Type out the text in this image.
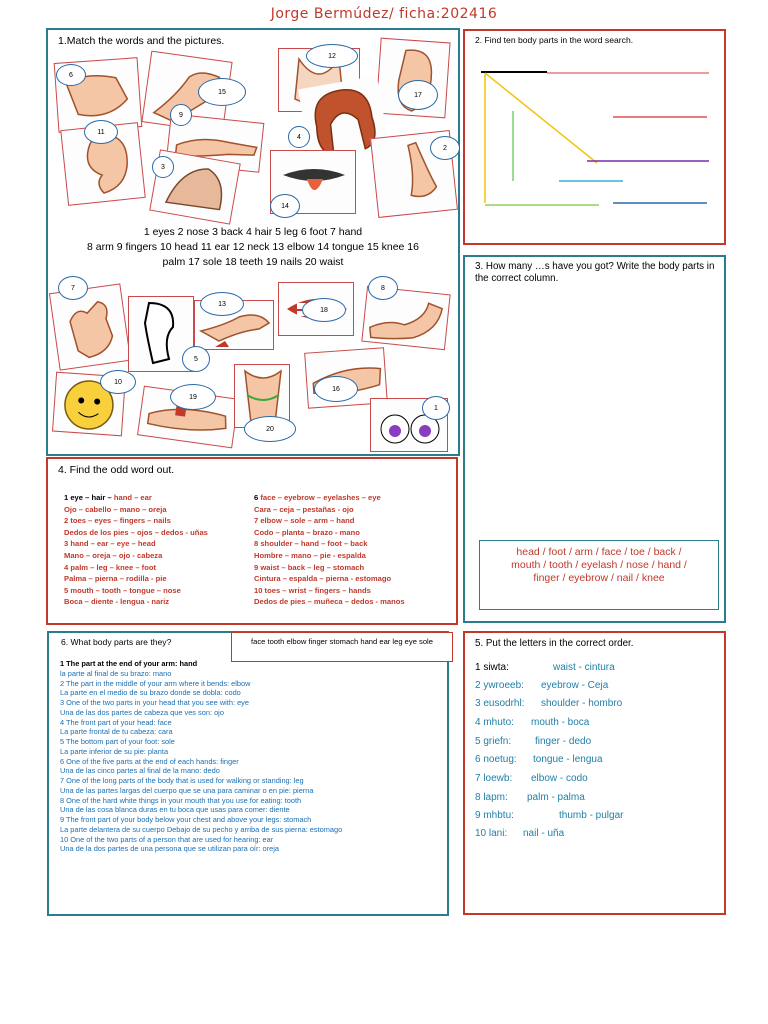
Jorge Bermúdez/ ficha:202416
1.Match the words and the pictures.
6
12
15	17
9
4
2
11
3
14
1 eyes 2 nose 3 back 4 hair 5 leg 6 foot 7 hand
8 arm 9 fingers 10 head 11 ear 12 neck 13 elbow 14 tongue 15 knee 16
palm 17 sole 18 teeth 19 nails 20 waist
7	8
13
18
5
10
19
16
1
20
2. Find ten body parts in the word search.
3. How many …s have you got? Write the body parts in the correct column.
head / foot / arm / face / toe / back /
mouth / tooth / eyelash / nose / hand /
finger / eyebrow / nail / knee
4. Find the odd word out.
1 eye – hair – hand – ear
Ojo – cabello – mano – oreja
2 toes – eyes – fingers – nails
Dedos de los pies – ojos – dedos - uñas
3 hand – ear – eye – head
Mano – oreja – ojo - cabeza
4 palm – leg – knee – foot
Palma – pierna – rodilla - pie
5 mouth – tooth – tongue – nose
Boca – diente - lengua - nariz
6 face – eyebrow – eyelashes – eye
Cara – ceja – pestañas - ojo
7 elbow – sole – arm – hand
Codo – planta – brazo - mano
8 shoulder – hand – foot – back
Hombre – mano – pie - espalda
9 waist – back – leg – stomach
Cintura – espalda – pierna - estomago
10 toes – wrist – fingers – hands
Dedos de pies – muñeca – dedos - manos
6. What body parts are they?	face tooth elbow finger stomach hand ear leg eye sole
1 The part at the end of your arm: hand
la parte al final de su brazo: mano
2 The part in the middle of your arm where it bends: elbow
La parte en el medio de su brazo donde se dobla: codo
3 One of the two parts in your head that you see with: eye
Una de las dos partes de cabeza que ves son: ojo
4 The front part of your head: face
La parte frontal de tu cabeza: cara
5 The bottom part of your foot: sole
La parte inferior de su pie: planta
6 One of the five parts at the end of each hands: finger
Una de las cinco partes al final de la mano: dedo
7 One of the long parts of the body that is used for walking or standing: leg
Una de las partes largas del cuerpo que se una para caminar o en pie: pierna
8 One of the hard white things in your mouth that you use for eating: tooth
Una de las cosa blanca duras en tu boca que usas para comer: diente
9 The front part of your body below your chest and above your legs: stomach
La parte delantera de su cuerpo Debajo de su pecho y arriba de sus pierna: estomago
10 One of the two parts of a person that are used for hearing: ear
Una de la dos partes de una persona que se utilizan para oír: oreja
5. Put the letters in the correct order.
1 siwta:	waist - cintura
2 ywroeeb: eyebrow - Ceja
3 eusodrhl: shoulder - hombro
4 mhuto: mouth - boca
5 griefn: finger - dedo
6 noetug: tongue - lengua
7 loewb: elbow - codo
8 lapm: palm - palma
9 mhbtu:	thumb - pulgar
10 lani: nail - uña
